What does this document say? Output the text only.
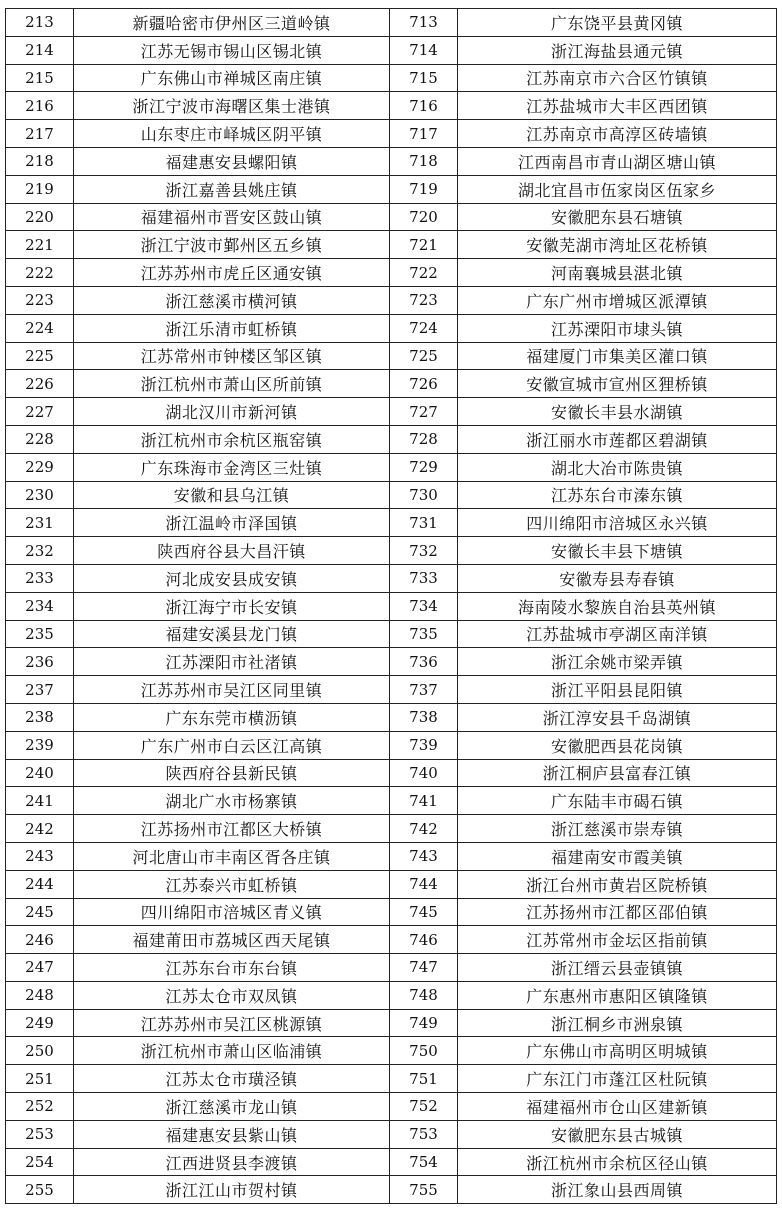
213	新疆哈密市伊州区三道岭镇	713	广东饶平县黄冈镇
214	江苏无锡市锡山区锡北镇	714	浙江海盐县通元镇
215	广东佛山市禅城区南庄镇	715	江苏南京市六合区竹镇镇
216	浙江宁波市海曙区集士港镇	716	江苏盐城市大丰区西团镇
217	山东枣庄市峄城区阴平镇	717	江苏南京市高淳区砖墙镇
218	福建惠安县螺阳镇	718	江西南昌市青山湖区塘山镇
219	浙江嘉善县姚庄镇	719	湖北宜昌市伍家岗区伍家乡
220	福建福州市晋安区鼓山镇	720	安徽肥东县石塘镇
221	浙江宁波市鄞州区五乡镇	721	安徽芜湖市湾址区花桥镇
222	江苏苏州市虎丘区通安镇	722	河南襄城县湛北镇
223	浙江慈溪市横河镇	723	广东广州市增城区派潭镇
224	浙江乐清市虹桥镇	724	江苏溧阳市埭头镇
225	江苏常州市钟楼区邹区镇	725	福建厦门市集美区灌口镇
226	浙江杭州市萧山区所前镇	726	安徽宣城市宣州区狸桥镇
227	湖北汉川市新河镇	727	安徽长丰县水湖镇
228	浙江杭州市余杭区瓶窑镇	728	浙江丽水市莲都区碧湖镇
229	广东珠海市金湾区三灶镇	729	湖北大冶市陈贵镇
230	安徽和县乌江镇	730	江苏东台市溱东镇
231	浙江温岭市泽国镇	731	四川绵阳市涪城区永兴镇
232	陕西府谷县大昌汗镇	732	安徽长丰县下塘镇
233	河北成安县成安镇	733	安徽寿县寿春镇
234	浙江海宁市长安镇	734	海南陵水黎族自治县英州镇
235	福建安溪县龙门镇	735	江苏盐城市亭湖区南洋镇
236	江苏溧阳市社渚镇	736	浙江余姚市梁弄镇
237	江苏苏州市吴江区同里镇	737	浙江平阳县昆阳镇
238	广东东莞市横沥镇	738	浙江淳安县千岛湖镇
239	广东广州市白云区江高镇	739	安徽肥西县花岗镇
240	陕西府谷县新民镇	740	浙江桐庐县富春江镇
241	湖北广水市杨寨镇	741	广东陆丰市碣石镇
242	江苏扬州市江都区大桥镇	742	浙江慈溪市崇寿镇
243	河北唐山市丰南区胥各庄镇	743	福建南安市霞美镇
244	江苏泰兴市虹桥镇	744	浙江台州市黄岩区院桥镇
245	四川绵阳市涪城区青义镇	745	江苏扬州市江都区邵伯镇
246	福建莆田市荔城区西天尾镇	746	江苏常州市金坛区指前镇
247	江苏东台市东台镇	747	浙江缙云县壶镇镇
248	江苏太仓市双凤镇	748	广东惠州市惠阳区镇隆镇
249	江苏苏州市吴江区桃源镇	749	浙江桐乡市洲泉镇
250	浙江杭州市萧山区临浦镇	750	广东佛山市高明区明城镇
251	江苏太仓市璜泾镇	751	广东江门市蓬江区杜阮镇
252	浙江慈溪市龙山镇	752	福建福州市仓山区建新镇
253	福建惠安县紫山镇	753	安徽肥东县古城镇
254	江西进贤县李渡镇	754	浙江杭州市余杭区径山镇
255	浙江江山市贺村镇	755	浙江象山县西周镇
